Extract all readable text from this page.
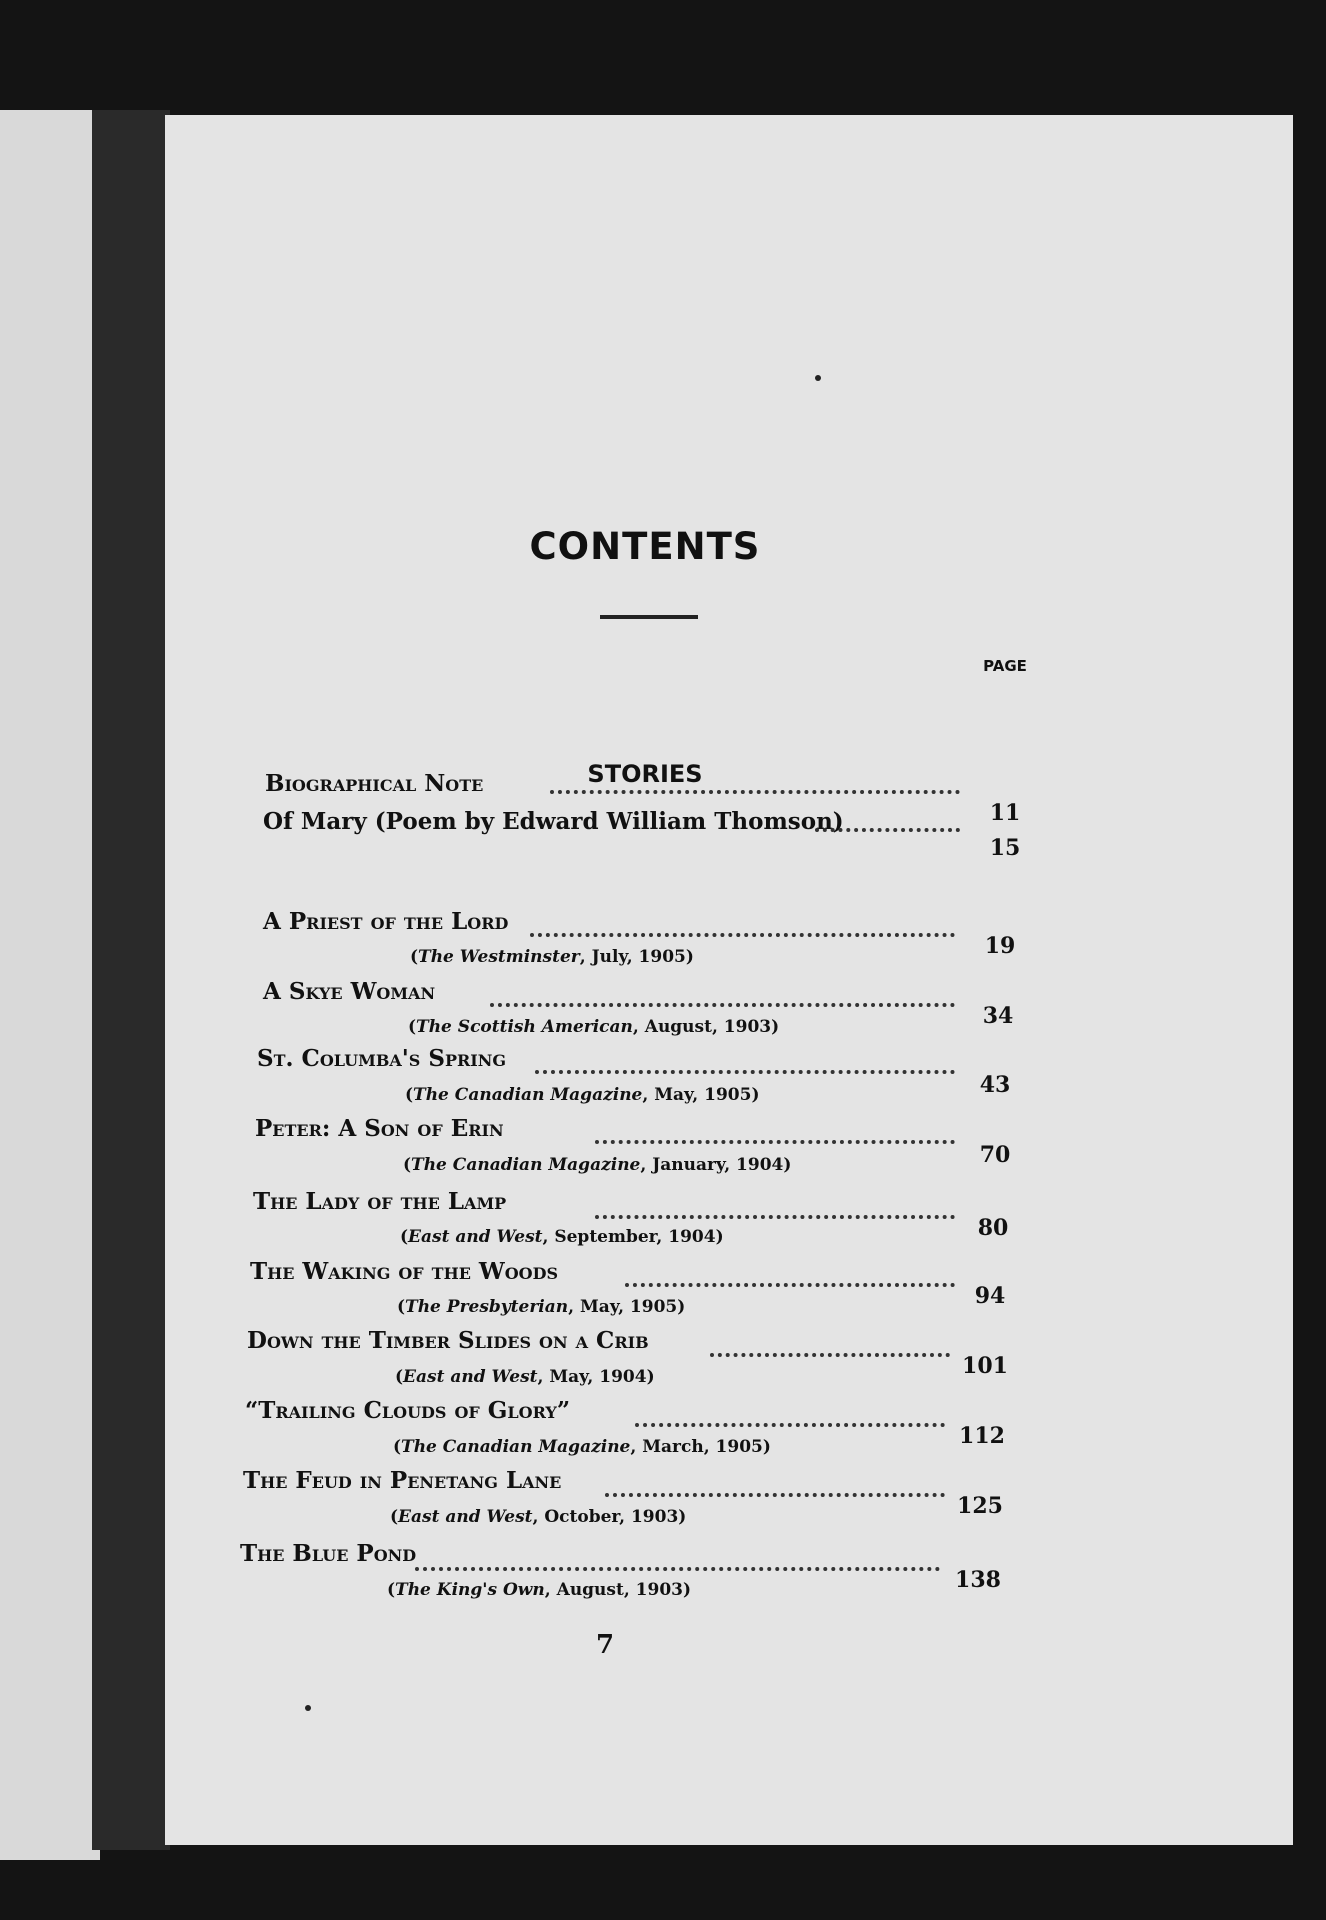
CONTENTS
PAGE
Biographical Note
11
Of Mary (Poem by Edward William Thomson)
15
STORIES
A Priest of the Lord
(The Westminster, July, 1905)	19
A Skye Woman
(The Scottish American, August, 1903)	34
St. Columba's Spring
(The Canadian Magazine, May, 1905)	43
Peter: A Son of Erin
(The Canadian Magazine, January, 1904)	70
The Lady of the Lamp
(East and West, September, 1904)	80
The Waking of the Woods
(The Presbyterian, May, 1905)	94
Down the Timber Slides on a Crib
(East and West, May, 1904)	101
“Trailing Clouds of Glory”
(The Canadian Magazine, March, 1905)	112
The Feud in Penetang Lane
(East and West, October, 1903)	125
The Blue Pond
(The King's Own, August, 1903)	138
7
